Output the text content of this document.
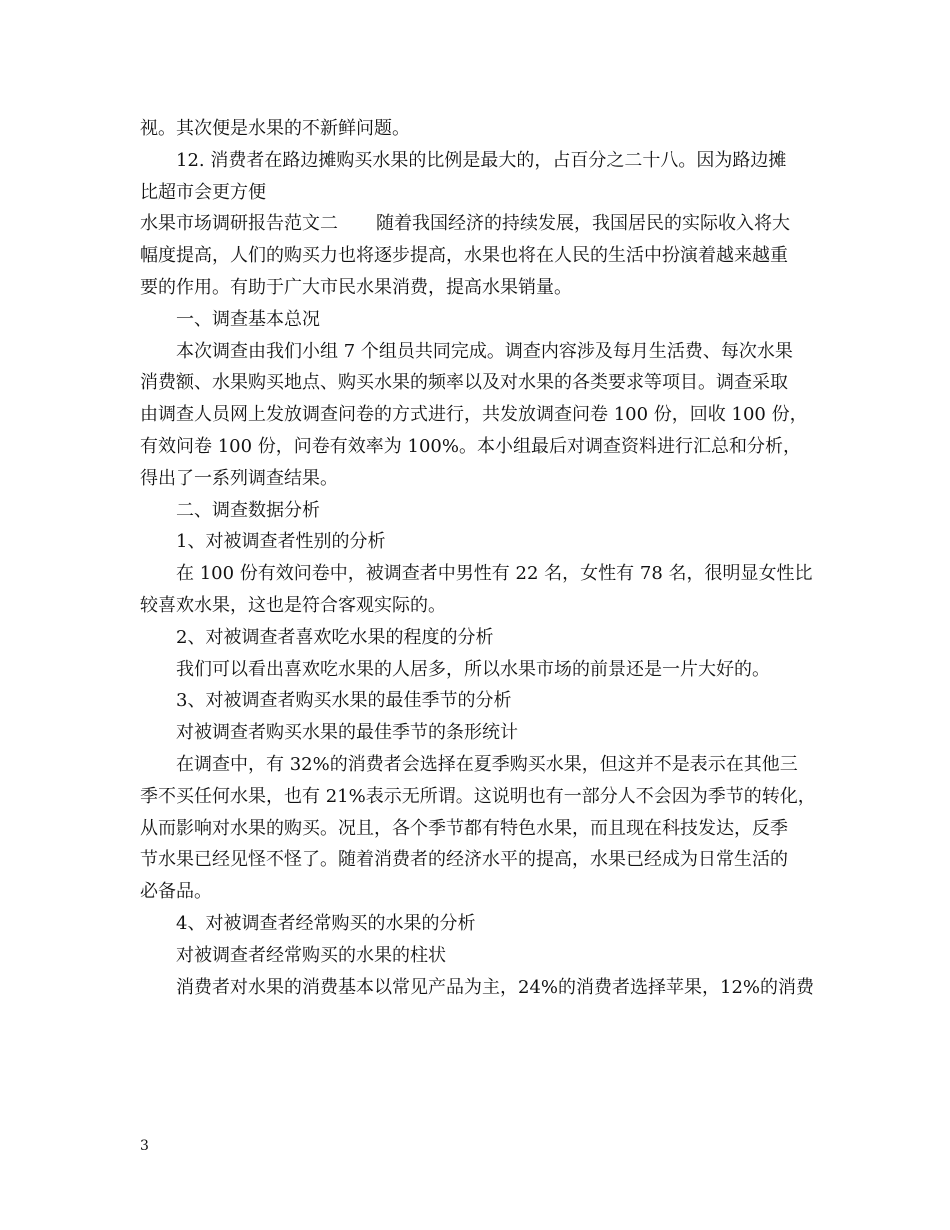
视。其次便是水果的不新鲜问题。
12. 消费者在路边摊购买水果的比例是最大的，占百分之二十八。因为路边摊
比超市会更方便
水果市场调研报告范文二 随着我国经济的持续发展，我国居民的实际收入将大
幅度提高，人们的购买力也将逐步提高，水果也将在人民的生活中扮演着越来越重
要的作用。有助于广大市民水果消费，提高水果销量。
一、调查基本总况
本次调查由我们小组 7 个组员共同完成。调查内容涉及每月生活费、每次水果
消费额、水果购买地点、购买水果的频率以及对水果的各类要求等项目。调查采取
由调查人员网上发放调查问卷的方式进行，共发放调查问卷 100 份，回收 100 份，
有效问卷 100 份，问卷有效率为 100%。本小组最后对调查资料进行汇总和分析，
得出了一系列调查结果。
二、调查数据分析
1、对被调查者性别的分析
在 100 份有效问卷中，被调查者中男性有 22 名，女性有 78 名，很明显女性比
较喜欢水果，这也是符合客观实际的。
2、对被调查者喜欢吃水果的程度的分析
我们可以看出喜欢吃水果的人居多，所以水果市场的前景还是一片大好的。
3、对被调查者购买水果的最佳季节的分析
对被调查者购买水果的最佳季节的条形统计
在调查中，有 32%的消费者会选择在夏季购买水果，但这并不是表示在其他三
季不买任何水果，也有 21%表示无所谓。这说明也有一部分人不会因为季节的转化，
从而影响对水果的购买。况且，各个季节都有特色水果，而且现在科技发达，反季
节水果已经见怪不怪了。随着消费者的经济水平的提高，水果已经成为日常生活的
必备品。
4、对被调查者经常购买的水果的分析
对被调查者经常购买的水果的柱状
消费者对水果的消费基本以常见产品为主，24%的消费者选择苹果，12%的消费
3
